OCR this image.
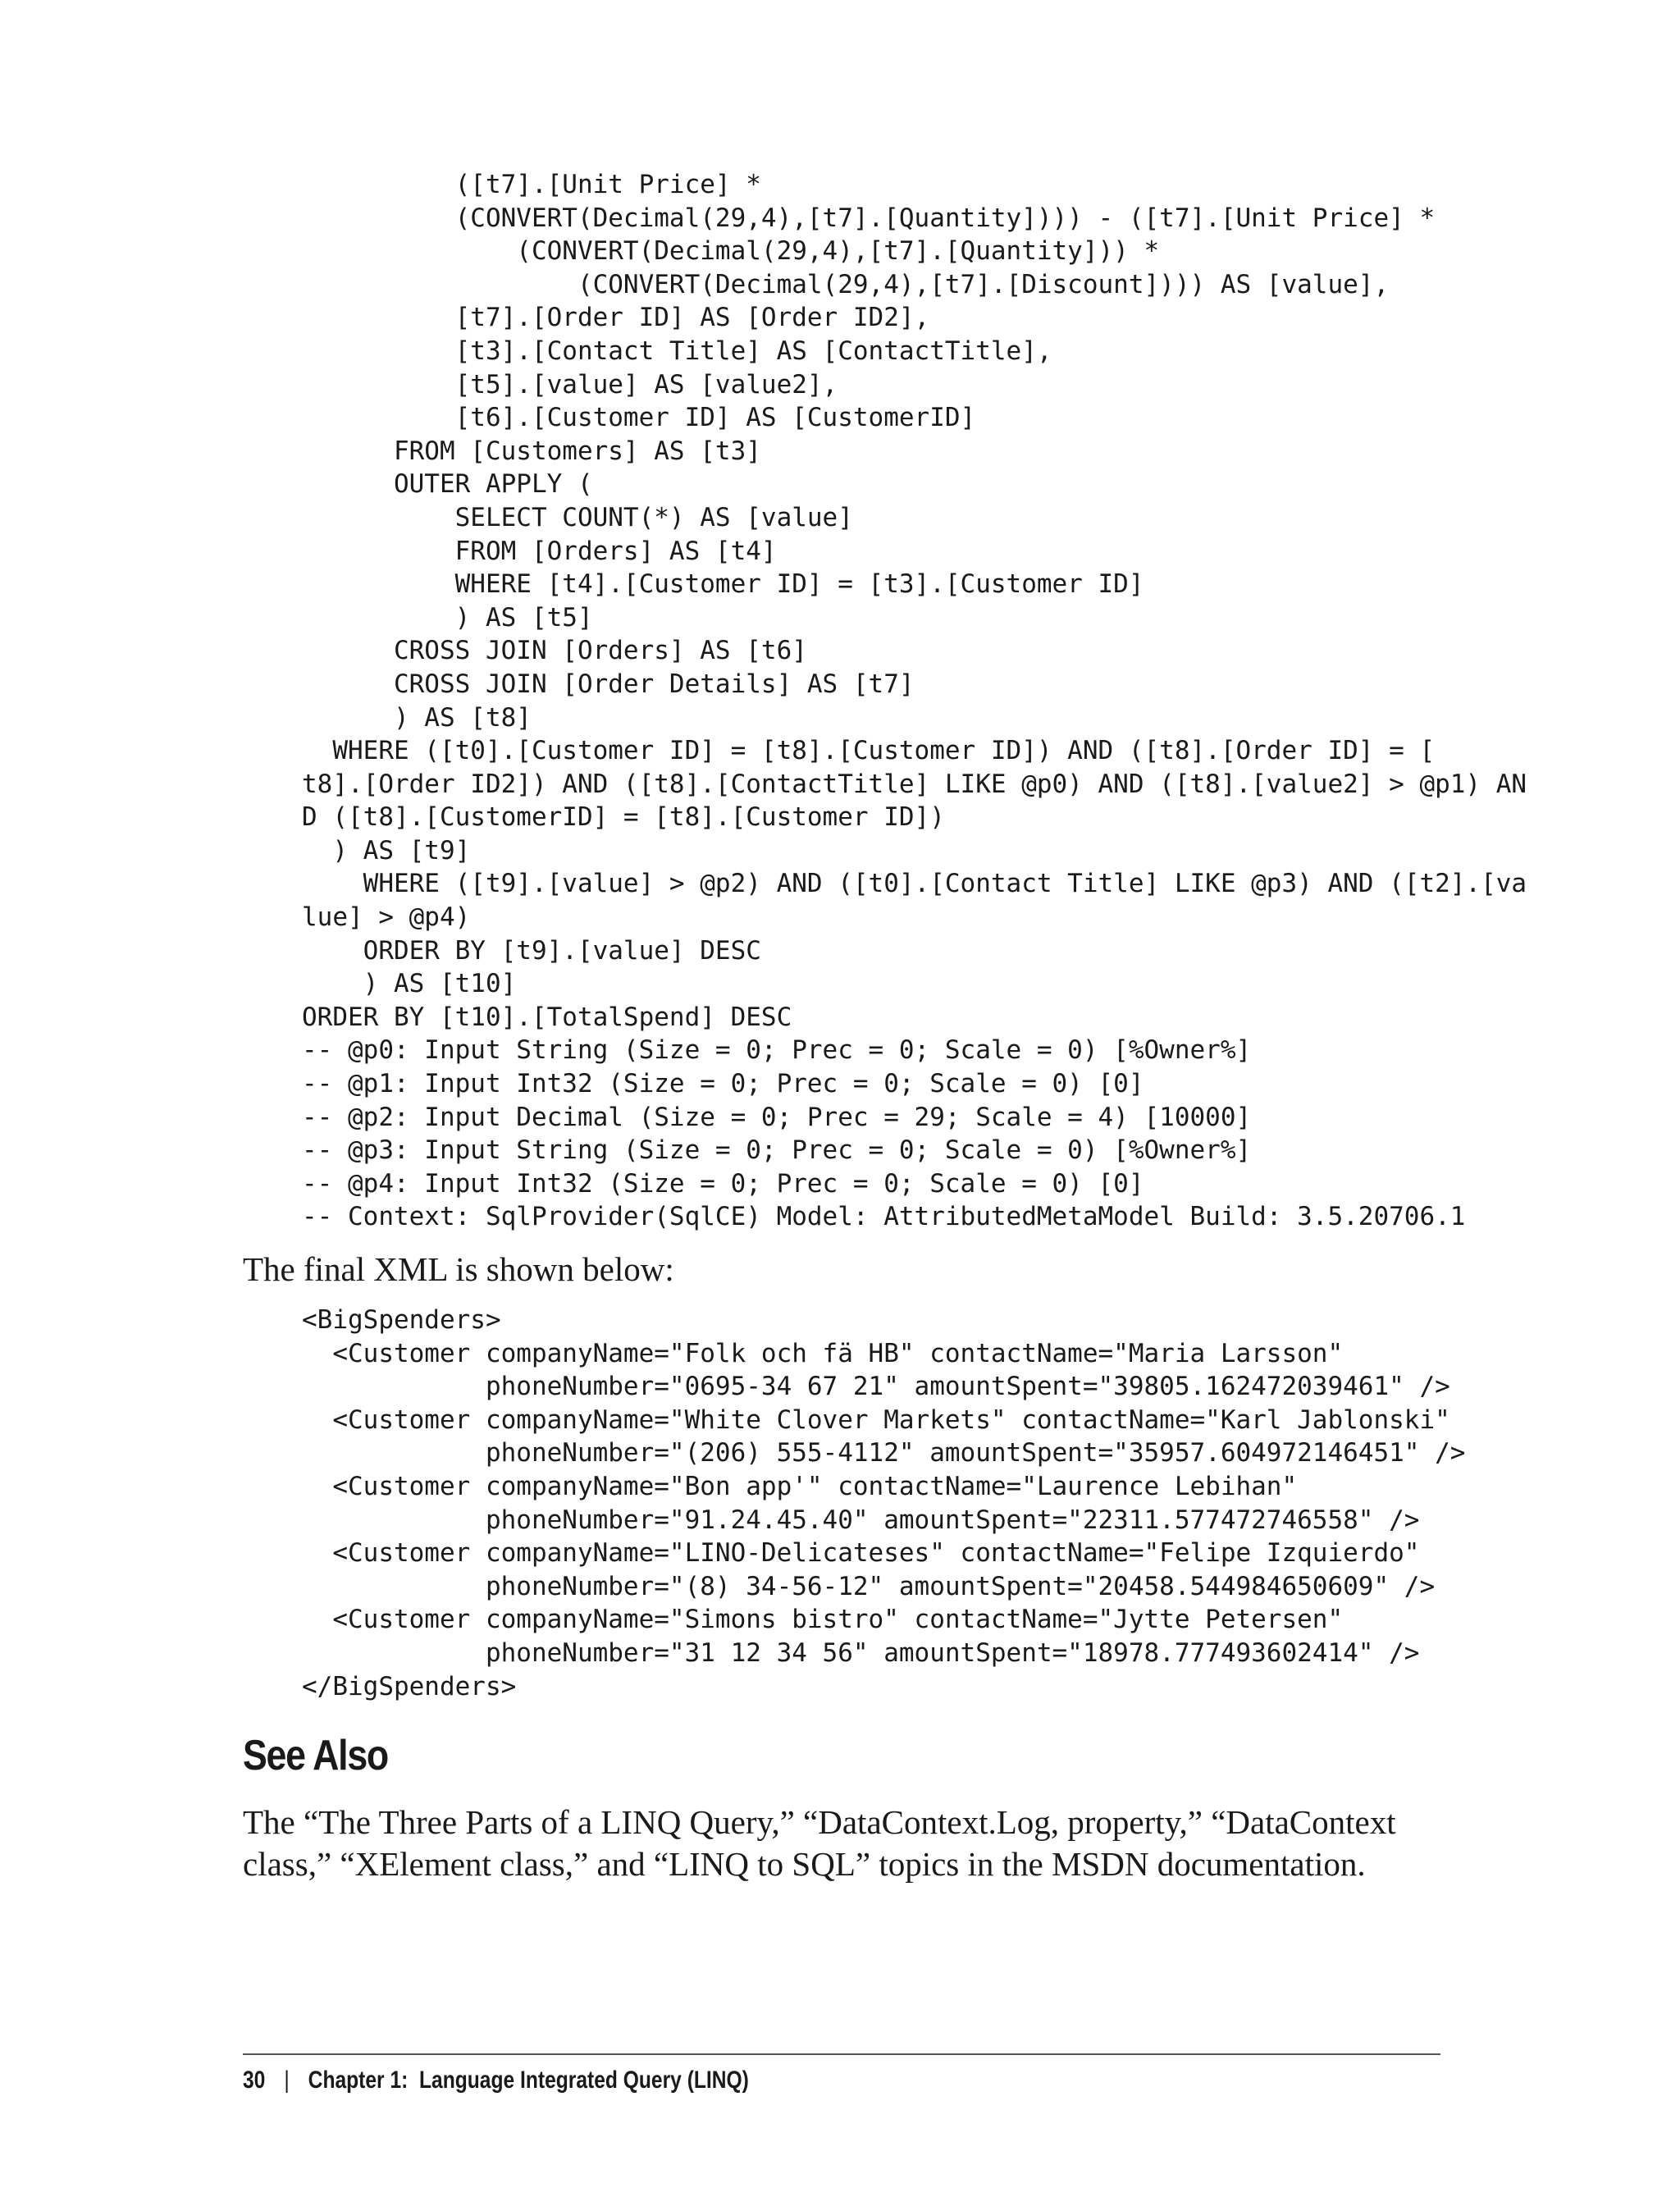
([t7].[Unit Price] *
(CONVERT(Decimal(29,4),[t7].[Quantity]))) - ([t7].[Unit Price] *
(CONVERT(Decimal(29,4),[t7].[Quantity])) *
(CONVERT(Decimal(29,4),[t7].[Discount]))) AS [value],
[t7].[Order ID] AS [Order ID2],
[t3].[Contact Title] AS [ContactTitle],
[t5].[value] AS [value2],
[t6].[Customer ID] AS [CustomerID]
FROM [Customers] AS [t3]
OUTER APPLY (
SELECT COUNT(*) AS [value]
FROM [Orders] AS [t4]
WHERE [t4].[Customer ID] = [t3].[Customer ID]
) AS [t5]
CROSS JOIN [Orders] AS [t6]
CROSS JOIN [Order Details] AS [t7]
) AS [t8]
WHERE ([t0].[Customer ID] = [t8].[Customer ID]) AND ([t8].[Order ID] = [
t8].[Order ID2]) AND ([t8].[ContactTitle] LIKE @p0) AND ([t8].[value2] > @p1) AN
D ([t8].[CustomerID] = [t8].[Customer ID])
) AS [t9]
WHERE ([t9].[value] > @p2) AND ([t0].[Contact Title] LIKE @p3) AND ([t2].[va
lue] > @p4)
ORDER BY [t9].[value] DESC
) AS [t10]
ORDER BY [t10].[TotalSpend] DESC
-- @p0: Input String (Size = 0; Prec = 0; Scale = 0) [%Owner%]
-- @p1: Input Int32 (Size = 0; Prec = 0; Scale = 0) [0]
-- @p2: Input Decimal (Size = 0; Prec = 29; Scale = 4) [10000]
-- @p3: Input String (Size = 0; Prec = 0; Scale = 0) [%Owner%]
-- @p4: Input Int32 (Size = 0; Prec = 0; Scale = 0) [0]
-- Context: SqlProvider(SqlCE) Model: AttributedMetaModel Build: 3.5.20706.1

The final XML is shown below:

<BigSpenders>
<Customer companyName="Folk och fä HB" contactName="Maria Larsson"
phoneNumber="0695-34 67 21" amountSpent="39805.162472039461" />
<Customer companyName="White Clover Markets" contactName="Karl Jablonski"
phoneNumber="(206) 555-4112" amountSpent="35957.604972146451" />
<Customer companyName="Bon app'" contactName="Laurence Lebihan"
phoneNumber="91.24.45.40" amountSpent="22311.577472746558" />
<Customer companyName="LINO-Delicateses" contactName="Felipe Izquierdo"
phoneNumber="(8) 34-56-12" amountSpent="20458.544984650609" />
<Customer companyName="Simons bistro" contactName="Jytte Petersen"
phoneNumber="31 12 34 56" amountSpent="18978.777493602414" />
</BigSpenders>
See Also

The “The Three Parts of a LINQ Query,” “DataContext.Log, property,” “DataContext class,” “XElement class,” and “LINQ to SQL” topics in the MSDN documentation.

30 | Chapter 1:  Language Integrated Query (LINQ)
